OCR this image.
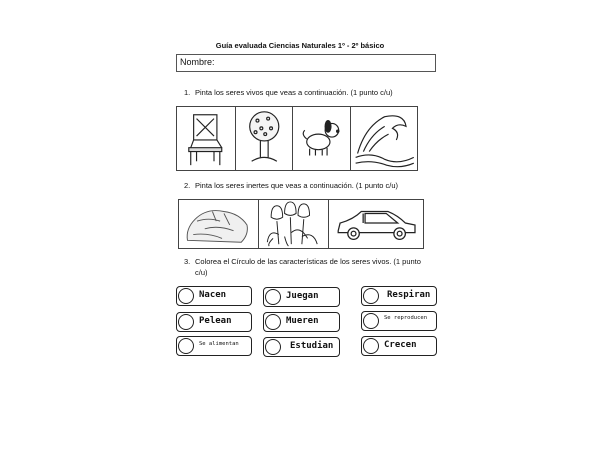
Guía evaluada Ciencias Naturales 1º - 2º básico
Nombre:
1. Pinta los seres vivos que veas a continuación. (1 punto c/u)
2. Pinta los seres inertes que veas a continuación. (1 punto c/u)
3. Colorea el Círculo de las características de los seres vivos. (1 punto
c/u)
Nacen	Juegan	Respiran
Pelean	Mueren	Se reproducen
Se alimentan	Estudian	Crecen
